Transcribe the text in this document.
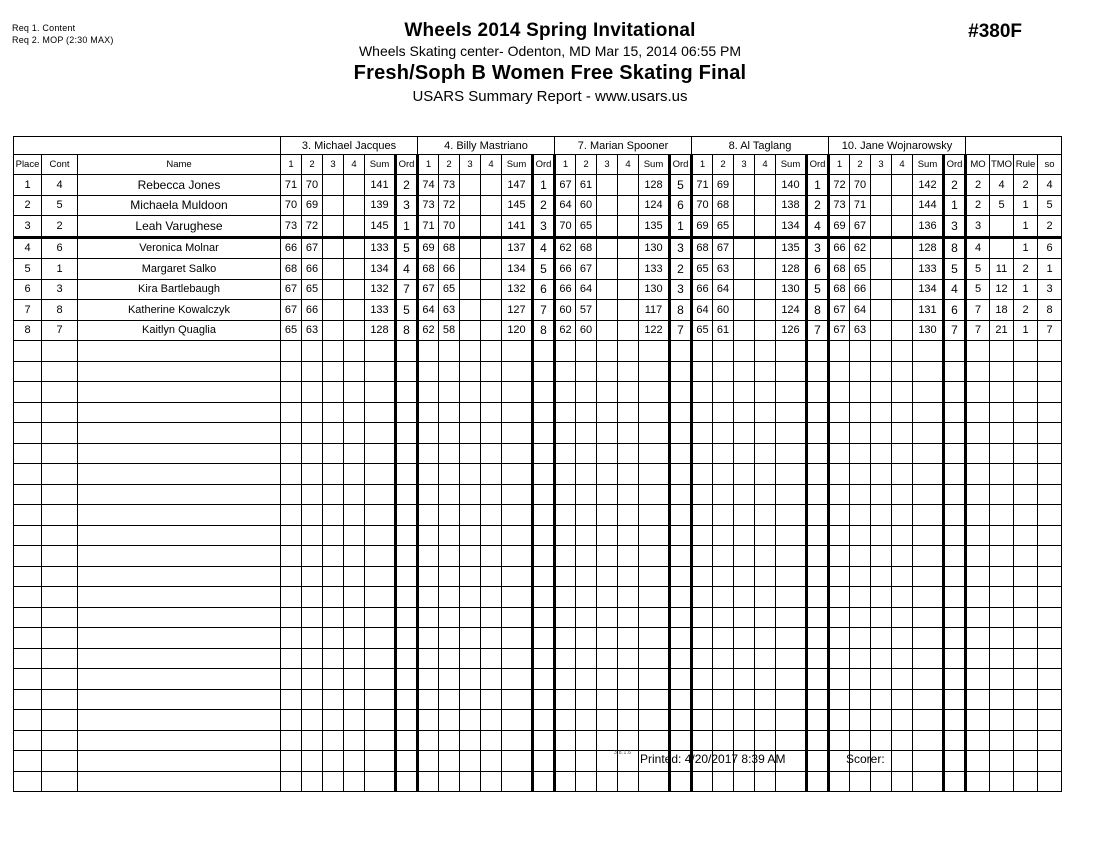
Req 1. Content
Req 2. MOP (2:30 MAX)	Wheels 2014 Spring Invitational
Wheels Skating center- Odenton, MD Mar 15, 2014 06:55 PM
Fresh/Soph B Women Free Skating Final
USARS Summary Report - www.usars.us
#380F
			3. Michael Jacques						4. Billy Mastriano						7. Marian Spooner						8. Al Taglang						10. Jane Wojnarowsky									
Place	Cont	Name	1	2	3	4	Sum	Ord	1	2	3	4	Sum	Ord	1	2	3	4	Sum	Ord	1	2	3	4	Sum	Ord	1	2	3	4	Sum	Ord	MO	TMO	Rule	so
1	4	Rebecca Jones	71	70			141	2	74	73			147	1	67	61			128	5	71	69			140	1	72	70			142	2	2	4	2	4
2	5	Michaela Muldoon	70	69			139	3	73	72			145	2	64	60			124	6	70	68			138	2	73	71			144	1	2	5	1	5
3	2	Leah Varughese	73	72			145	1	71	70			141	3	70	65			135	1	69	65			134	4	69	67			136	3	3		1	2
4	6	Veronica Molnar	66	67			133	5	69	68			137	4	62	68			130	3	68	67			135	3	66	62			128	8	4		1	6
5	1	Margaret Salko	68	66			134	4	68	66			134	5	66	67			133	2	65	63			128	6	68	65			133	5	5	11	2	1
6	3	Kira Bartlebaugh	67	65			132	7	67	65			132	6	66	64			130	3	66	64			130	5	68	66			134	4	5	12	1	3
7	8	Katherine Kowalczyk	67	66			133	5	64	63			127	7	60	57			117	8	64	60			124	8	67	64			131	6	7	18	2	8
8	7	Kaitlyn Quaglia	65	63			128	8	62	58			120	8	62	60			122	7	65	61			126	7	67	63			130	7	7	21	1	7

3.8.1.6 Printed: 4/20/2017 8:39 AM	Scorer:
